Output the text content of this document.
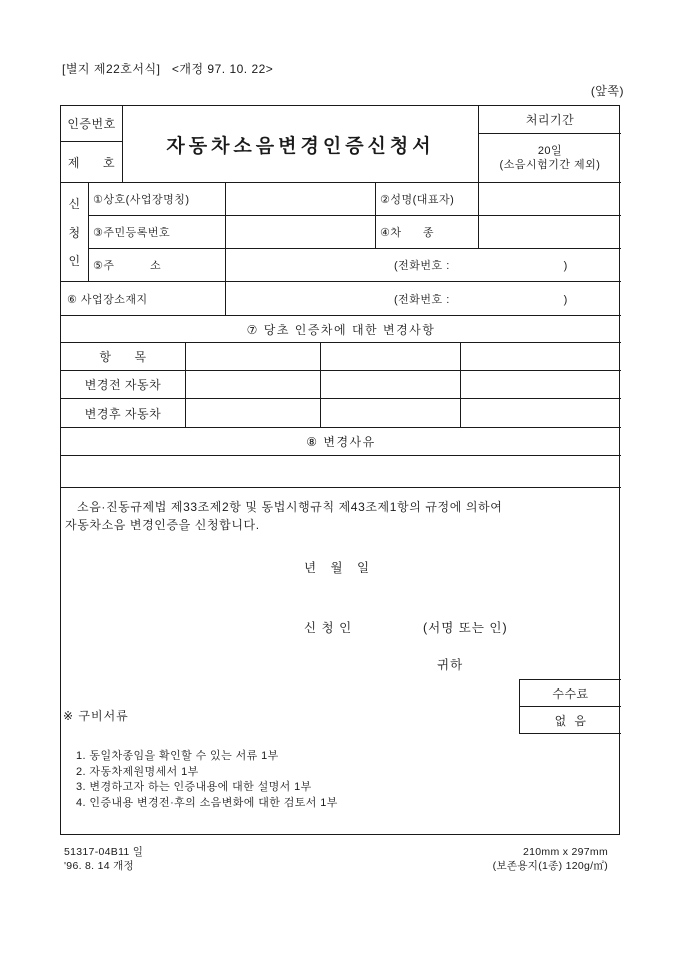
[별지 제22호서식]   <개정 97. 10. 22>
(앞쪽)
인증번호
제      호
자동차소음변경인증신청서
처리기간
20일
(소음시험기간 제외)
신
청
인
①상호(사업장명칭)	②성명(대표자)
③주민등록번호	④차      종
⑤주          소	(전화번호 :                                )
⑥ 사업장소재지	(전화번호 :                                )
⑦ 당초 인증차에 대한 변경사항
항      목
변경전 자동차
변경후 자동차
⑧ 변경사유
소음·진동규제법 제33조제2항 및 동법시행규칙 제43조제1항의 규정에 의하여
자동차소음 변경인증을 신청합니다.
년   월   일
신 청 인	(서명 또는 인)
귀하
수수료
없  음
※ 구비서류
1. 동일차종임을 확인할 수 있는 서류 1부
2. 자동차제원명세서 1부
3. 변경하고자 하는 인증내용에 대한 설명서 1부
4. 인증내용 변경전·후의 소음변화에 대한 검토서 1부
51317-04B11 일
'96. 8. 14 개정
210mm x 297mm
(보존용지(1종) 120g/㎡)
